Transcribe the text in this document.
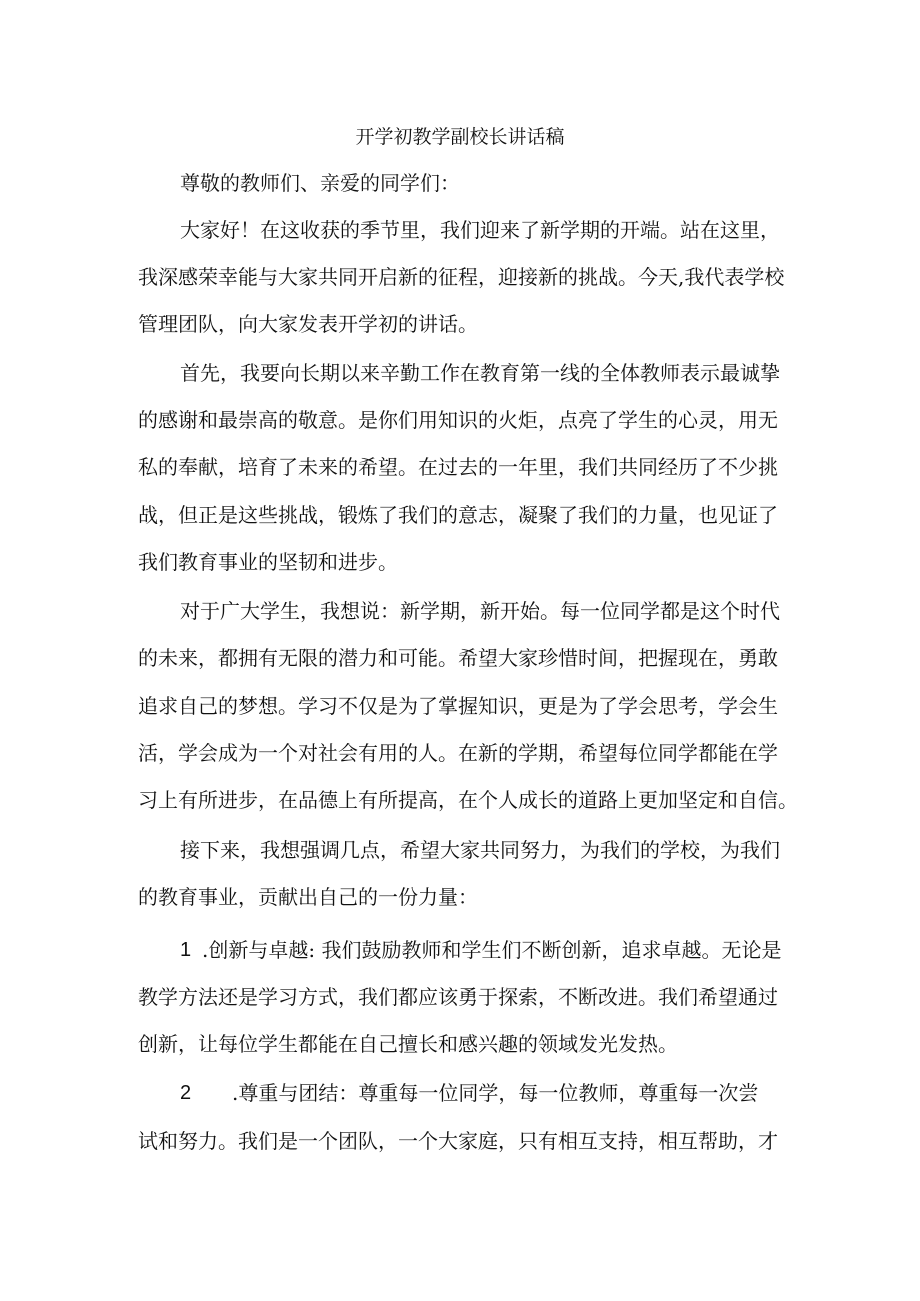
开学初教学副校长讲话稿
尊敬的教师们、亲爱的同学们：
大家好！在这收获的季节里，我们迎来了新学期的开端。站在这里，
我深感荣幸能与大家共同开启新的征程，迎接新的挑战。今天,我代表学校
管理团队，向大家发表开学初的讲话。
首先，我要向长期以来辛勤工作在教育第一线的全体教师表示最诚挚
的感谢和最崇高的敬意。是你们用知识的火炬，点亮了学生的心灵，用无
私的奉献，培育了未来的希望。在过去的一年里，我们共同经历了不少挑
战，但正是这些挑战，锻炼了我们的意志，凝聚了我们的力量，也见证了
我们教育事业的坚韧和进步。
对于广大学生，我想说：新学期，新开始。每一位同学都是这个时代
的未来，都拥有无限的潜力和可能。希望大家珍惜时间，把握现在，勇敢
追求自己的梦想。学习不仅是为了掌握知识，更是为了学会思考，学会生
活，学会成为一个对社会有用的人。在新的学期，希望每位同学都能在学
习上有所进步，在品德上有所提高，在个人成长的道路上更加坚定和自信。
接下来，我想强调几点，希望大家共同努力，为我们的学校，为我们
的教育事业，贡献出自己的一份力量：
1 .创新与卓越: 我们鼓励教师和学生们不断创新，追求卓越。无论是
教学方法还是学习方式，我们都应该勇于探索，不断改进。我们希望通过
创新，让每位学生都能在自己擅长和感兴趣的领域发光发热。
2 .尊重与团结：尊重每一位同学，每一位教师，尊重每一次尝
试和努力。我们是一个团队，一个大家庭，只有相互支持，相互帮助，才
